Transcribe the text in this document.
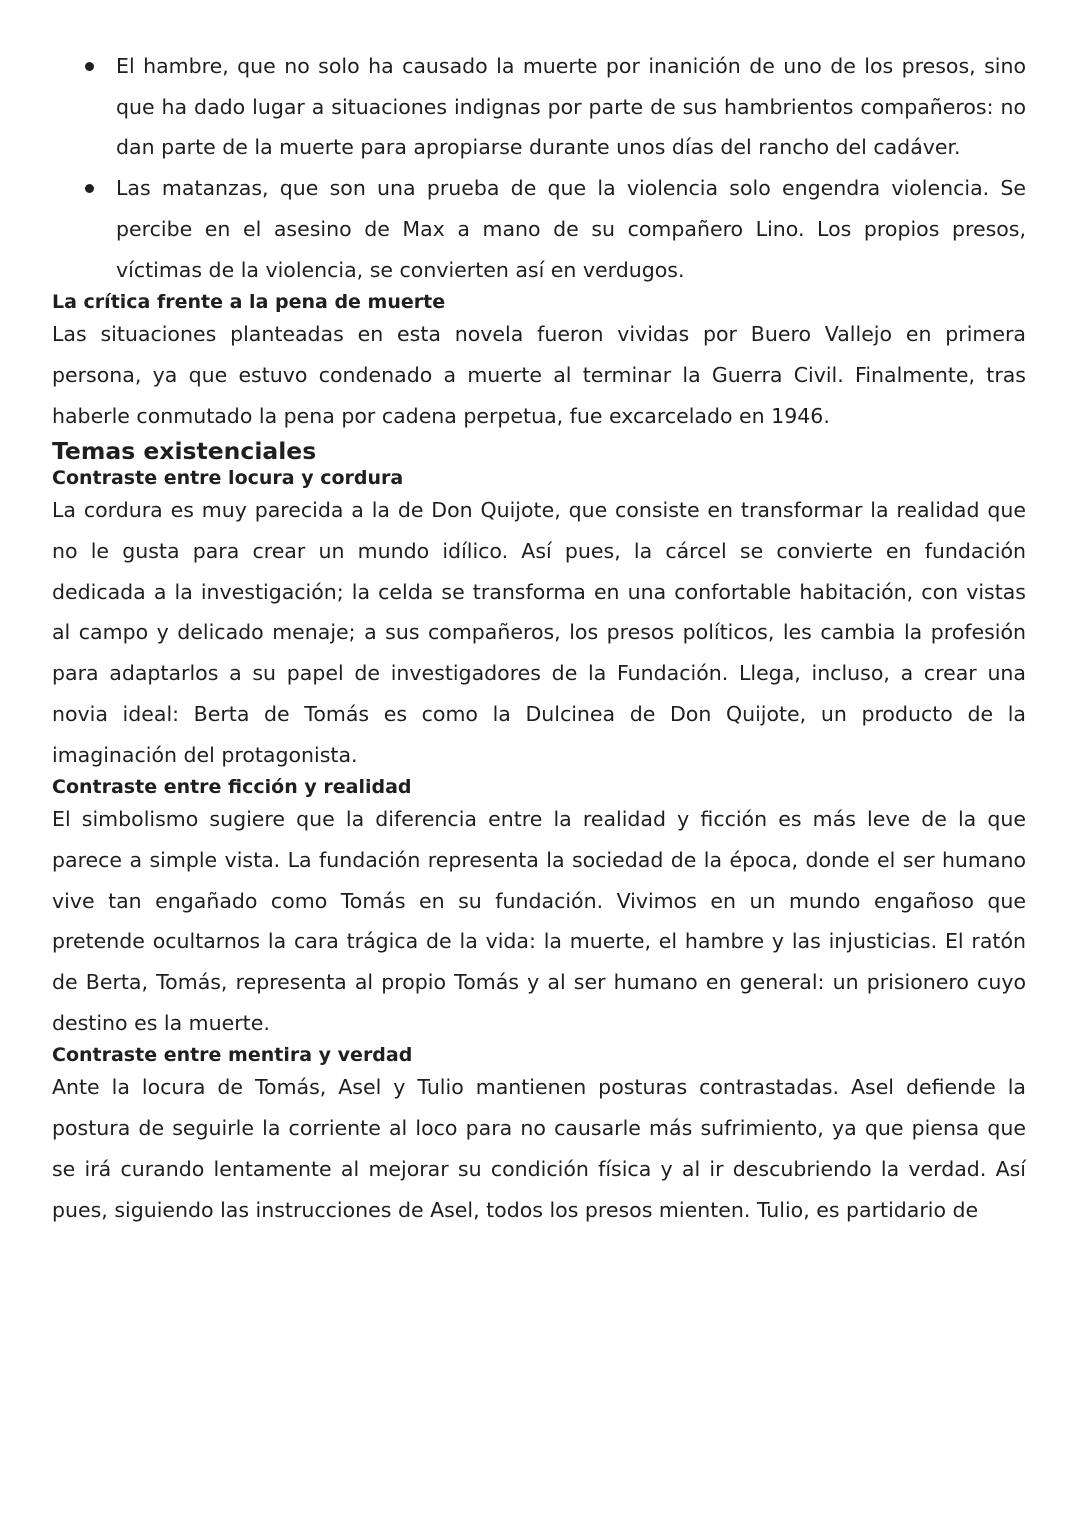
El hambre, que no solo ha causado la muerte por inanición de uno de los presos, sino que ha dado lugar a situaciones indignas por parte de sus hambrientos compañeros: no dan parte de la muerte para apropiarse durante unos días del rancho del cadáver.
Las matanzas, que son una prueba de que la violencia solo engendra violencia. Se percibe en el asesino de Max a mano de su compañero Lino. Los propios presos, víctimas de la violencia, se convierten así en verdugos.
La crítica frente a la pena de muerte

Las situaciones planteadas en esta novela fueron vividas por Buero Vallejo en primera persona, ya que estuvo condenado a muerte al terminar la Guerra Civil. Finalmente, tras haberle conmutado la pena por cadena perpetua, fue excarcelado en 1946.

Temas existenciales
Contraste entre locura y cordura

La cordura es muy parecida a la de Don Quijote, que consiste en transformar la realidad que no le gusta para crear un mundo idílico. Así pues, la cárcel se convierte en fundación dedicada a la investigación; la celda se transforma en una confortable habitación, con vistas al campo y delicado menaje; a sus compañeros, los presos políticos, les cambia la profesión para adaptarlos a su papel de investigadores de la Fundación. Llega, incluso, a crear una novia ideal: Berta de Tomás es como la Dulcinea de Don Quijote, un producto de la imaginación del protagonista.

Contraste entre ficción y realidad

El simbolismo sugiere que la diferencia entre la realidad y ficción es más leve de la que parece a simple vista. La fundación representa la sociedad de la época, donde el ser humano vive tan engañado como Tomás en su fundación. Vivimos en un mundo engañoso que pretende ocultarnos la cara trágica de la vida: la muerte, el hambre y las injusticias. El ratón de Berta, Tomás, representa al propio Tomás y al ser humano en general: un prisionero cuyo destino es la muerte.

Contraste entre mentira y verdad

Ante la locura de Tomás, Asel y Tulio mantienen posturas contrastadas. Asel defiende la postura de seguirle la corriente al loco para no causarle más sufrimiento, ya que piensa que se irá curando lentamente al mejorar su condición física y al ir descubriendo la verdad. Así pues, siguiendo las instrucciones de Asel, todos los presos mienten. Tulio, es partidario de
